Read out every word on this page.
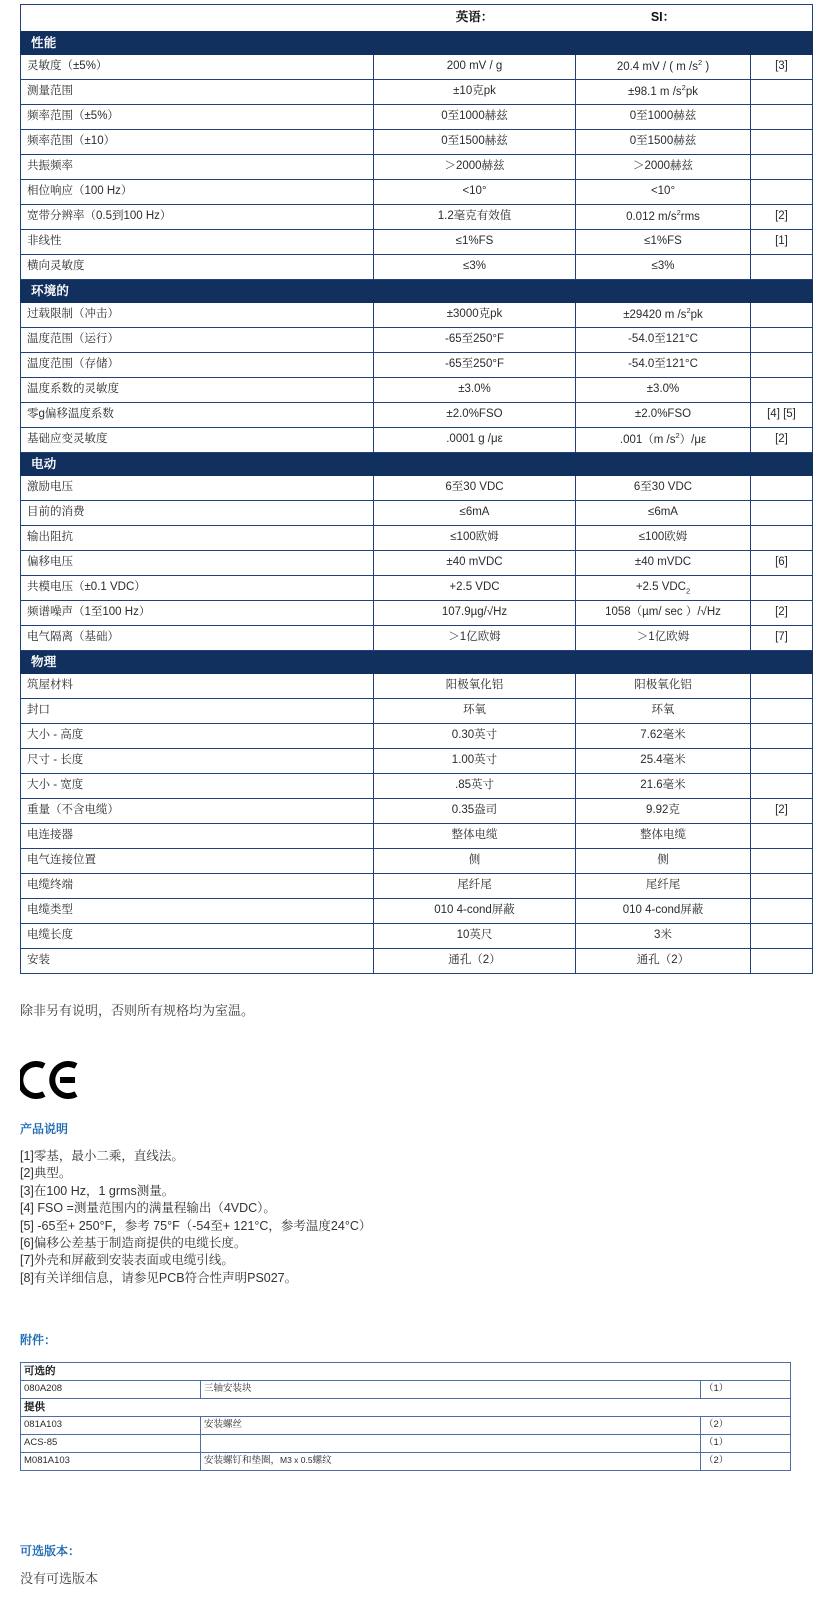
	英语：	SI：	
性能			
灵敏度（±5%）	200 mV / g	20.4 mV / ( m $/s^2$ )	[3]
测量范围	±10克pk	±98.1 m $/s^2pk$	
频率范围（±5%）	0至1000赫兹	0至1000赫兹	
频率范围（±10）	0至1500赫兹	0至1500赫兹	
共振频率	＞2000赫兹	＞2000赫兹	
相位响应（100 Hz）	<10°	<10°	
宽带分辨率（0.5到100 Hz）	1.2毫克有效值	0.012 $m/s^2rms$	[2]
非线性	≤1%FS	≤1%FS	[1]
横向灵敏度	≤3%	≤3%	
环境的			
过载限制（冲击）	±3000克pk	±29420 m $/s^2pk$	
温度范围（运行）	-65至250°F	-54.0至121°C	
温度范围（存储）	-65至250°F	-54.0至121°C	
温度系数的灵敏度	±3.0%	±3.0%	
零g偏移温度系数	±2.0%FSO	±2.0%FSO	[4] [5]
基础应变灵敏度	.0001 g /με	.001（m $/s^2)/\mu\varepsilon$	[2]
电动			
激励电压	6至30 VDC	6至30 VDC	
目前的消费	≤6mA	≤6mA	
输出阻抗	≤100欧姆	≤100欧姆	
偏移电压	±40 mVDC	±40 mVDC	[6]
共模电压（±0.1 VDC）	+2.5 VDC	+2.5 $VDC_2$	
频谱噪声（1至100 Hz）	107.9µg/√Hz	1058（µm/ sec ）/√Hz	[2]
电气隔离（基础）	＞1亿欧姆	＞1亿欧姆	[7]
物理			
筑屋材料	阳极氧化铝	阳极氧化铝	
封口	环氧	环氧	
大小 - 高度	0.30英寸	7.62毫米	
尺寸 - 长度	1.00英寸	25.4毫米	
大小 - 宽度	.85英寸	21.6毫米	
重量（不含电缆）	0.35盎司	9.92克	[2]
电连接器	整体电缆	整体电缆	
电气连接位置	侧	侧	
电缆终端	尾纤尾	尾纤尾	
电缆类型	010 4-cond屏蔽	010 4-cond屏蔽	
电缆长度	10英尺	3米	
安装	通孔（2）	通孔（2）	
除非另有说明，否则所有规格均为室温。
产品说明
[1]零基，最小二乘，直线法。
[2]典型。
[3]在100 Hz，1 grms测量。
[4] FSO =测量范围内的满量程输出（4VDC）。
[5] -65至+ 250°F，参考 75°F（-54至+ 121°C，参考温度24°C）
[6]偏移公差基于制造商提供的电缆长度。
[7]外壳和屏蔽到安装表面或电缆引线。
[8]有关详细信息，请参见PCB符合性声明PS027。
附件：
可选的		
080A208	三轴安装块	（1）
提供		
081A103	安装螺丝	（2）
ACS-85		（1）
M081A103	安装螺钉和垫圈，M3 x 0.5螺纹	（2）
可选版本：
没有可选版本
